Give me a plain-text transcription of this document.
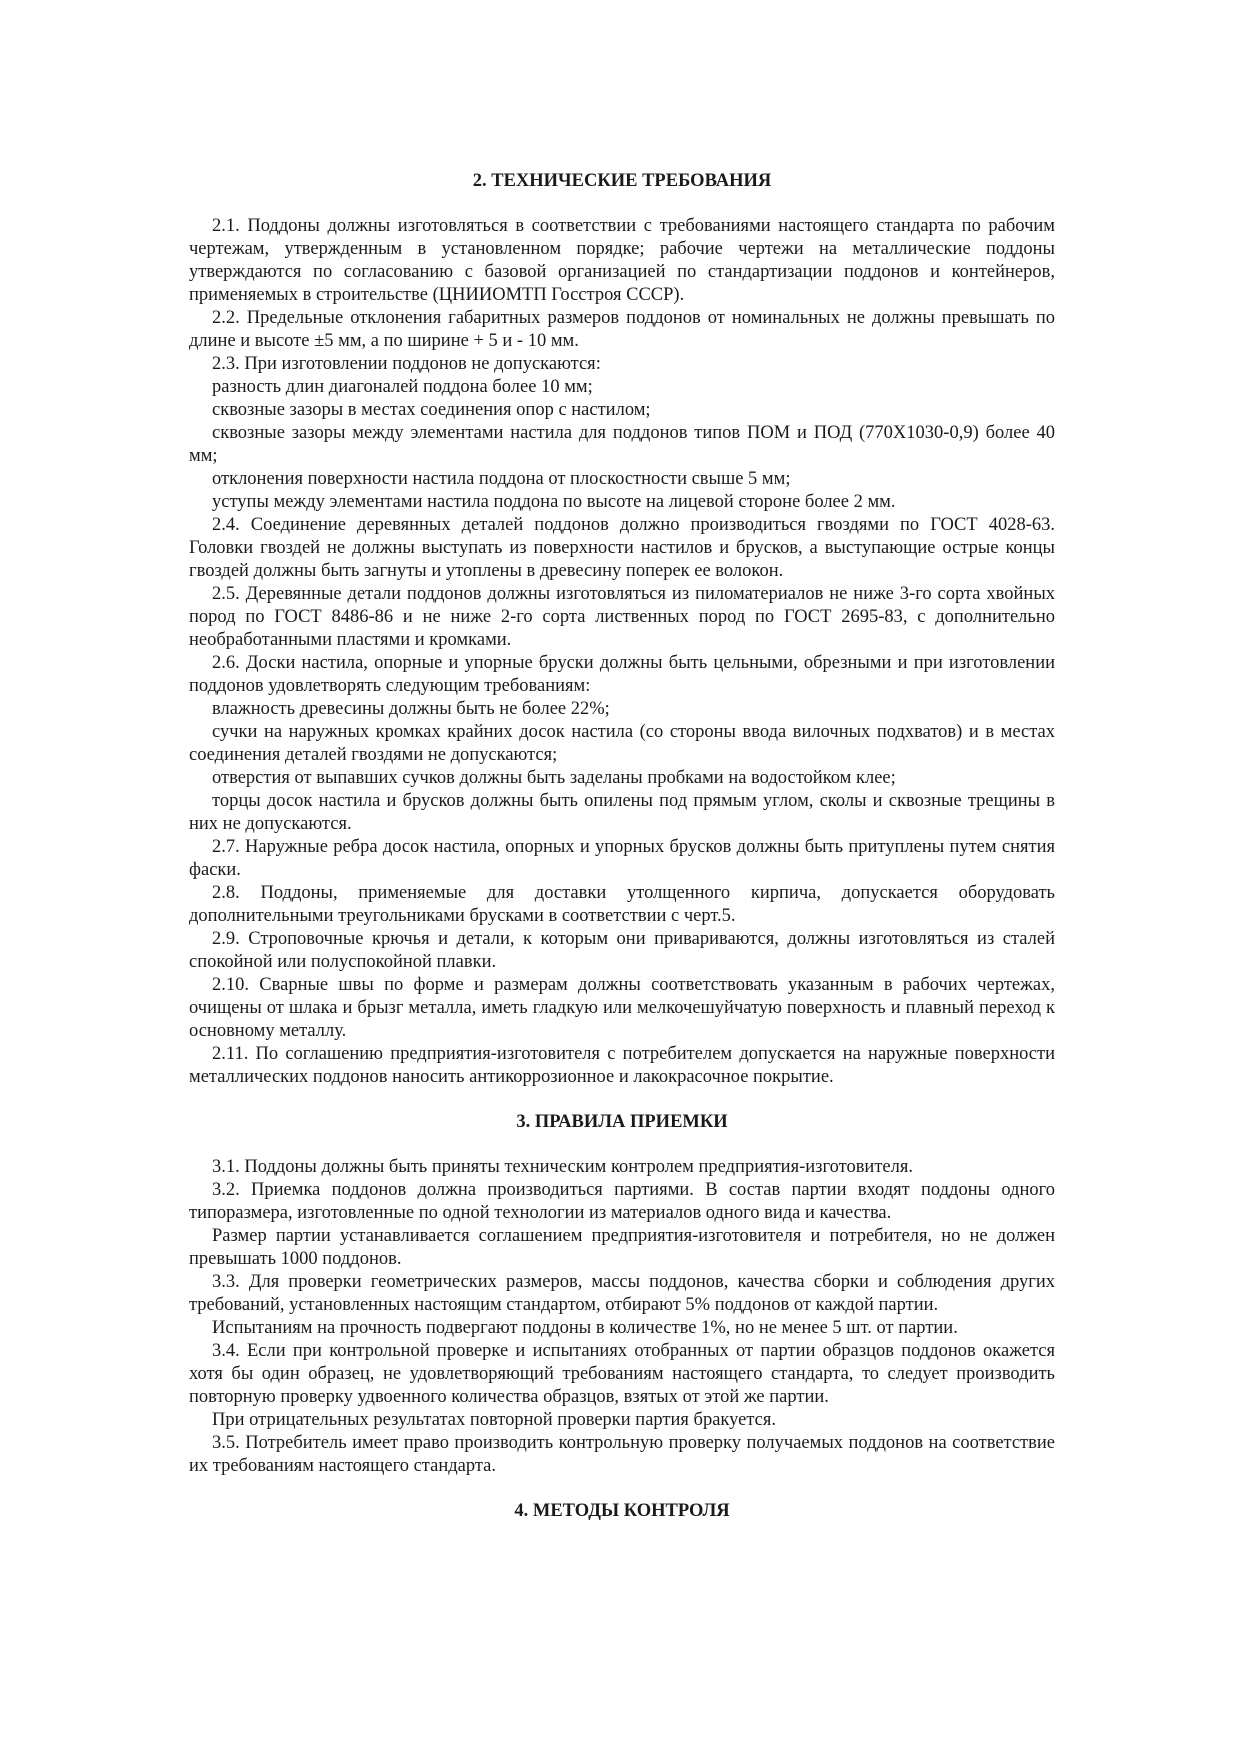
2. ТЕХНИЧЕСКИЕ ТРЕБОВАНИЯ

2.1. Поддоны должны изготовляться в соответствии с требованиями настоящего стандарта по рабочим чертежам, утвержденным в установленном порядке; рабочие чертежи на металлические поддоны утверждаются по согласованию с базовой организацией по стандартизации поддонов и контейнеров, применяемых в строительстве (ЦНИИОМТП Госстроя СССР).

2.2. Предельные отклонения габаритных размеров поддонов от номинальных не должны превышать по длине и высоте ±5 мм, а по ширине + 5 и - 10 мм.

2.3. При изготовлении поддонов не допускаются:

разность длин диагоналей поддона более 10 мм;

сквозные зазоры в местах соединения опор с настилом;

сквозные зазоры между элементами настила для поддонов типов ПОМ и ПОД (770Х1030-0,9) более 40 мм;

отклонения поверхности настила поддона от плоскостности свыше 5 мм;

уступы между элементами настила поддона по высоте на лицевой стороне более 2 мм.

2.4. Соединение деревянных деталей поддонов должно производиться гвоздями по ГОСТ 4028-63. Головки гвоздей не должны выступать из поверхности настилов и брусков, а выступающие острые концы гвоздей должны быть загнуты и утоплены в древесину поперек ее волокон.

2.5. Деревянные детали поддонов должны изготовляться из пиломатериалов не ниже 3-го сорта хвойных пород по ГОСТ 8486-86 и не ниже 2-го сорта лиственных пород по ГОСТ 2695-83, с дополнительно необработанными пластями и кромками.

2.6. Доски настила, опорные и упорные бруски должны быть цельными, обрезными и при изготовлении поддонов удовлетворять следующим требованиям:

влажность древесины должны быть не более 22%;

сучки на наружных кромках крайних досок настила (со стороны ввода вилочных подхватов) и в местах соединения деталей гвоздями не допускаются;

отверстия от выпавших сучков должны быть заделаны пробками на водостойком клее;

торцы досок настила и брусков должны быть опилены под прямым углом, сколы и сквозные трещины в них не допускаются.

2.7. Наружные ребра досок настила, опорных и упорных брусков должны быть притуплены путем снятия фаски.

2.8. Поддоны, применяемые для доставки утолщенного кирпича, допускается оборудовать дополнительными треугольниками брусками в соответствии с черт.5.

2.9. Строповочные крючья и детали, к которым они привариваются, должны изготовляться из сталей спокойной или полуспокойной плавки.

2.10. Сварные швы по форме и размерам должны соответствовать указанным в рабочих чертежах, очищены от шлака и брызг металла, иметь гладкую или мелкочешуйчатую поверхность и плавный переход к основному металлу.

2.11. По соглашению предприятия-изготовителя с потребителем допускается на наружные поверхности металлических поддонов наносить антикоррозионное и лакокрасочное покрытие.

3. ПРАВИЛА ПРИЕМКИ

3.1. Поддоны должны быть приняты техническим контролем предприятия-изготовителя.

3.2. Приемка поддонов должна производиться партиями. В состав партии входят поддоны одного типоразмера, изготовленные по одной технологии из материалов одного вида и качества.

Размер партии устанавливается соглашением предприятия-изготовителя и потребителя, но не должен превышать 1000 поддонов.

3.3. Для проверки геометрических размеров, массы поддонов, качества сборки и соблюдения других требований, установленных настоящим стандартом, отбирают 5% поддонов от каждой партии.

Испытаниям на прочность подвергают поддоны в количестве 1%, но не менее 5 шт. от партии.

3.4. Если при контрольной проверке и испытаниях отобранных от партии образцов поддонов окажется хотя бы один образец, не удовлетворяющий требованиям настоящего стандарта, то следует производить повторную проверку удвоенного количества образцов, взятых от этой же партии.

При отрицательных результатах повторной проверки партия бракуется.

3.5. Потребитель имеет право производить контрольную проверку получаемых поддонов на соответствие их требованиям настоящего стандарта.

4. МЕТОДЫ КОНТРОЛЯ
